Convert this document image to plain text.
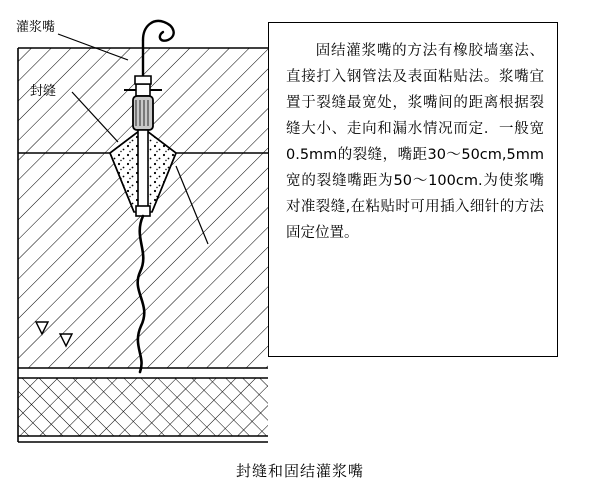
灌浆嘴
封缝
固结灌浆嘴的方法有橡胶墙塞法、直接打入钢管法及表面粘贴法。浆嘴宜置于裂缝最宽处，浆嘴间的距离根据裂缝大小、走向和漏水情况而定．一般宽0.5mm的裂缝，嘴距30～50cm,5mm宽的裂缝嘴距为50～100cm.为使浆嘴对准裂缝,在粘贴时可用插入细针的方法固定位置。
封缝和固结灌浆嘴
